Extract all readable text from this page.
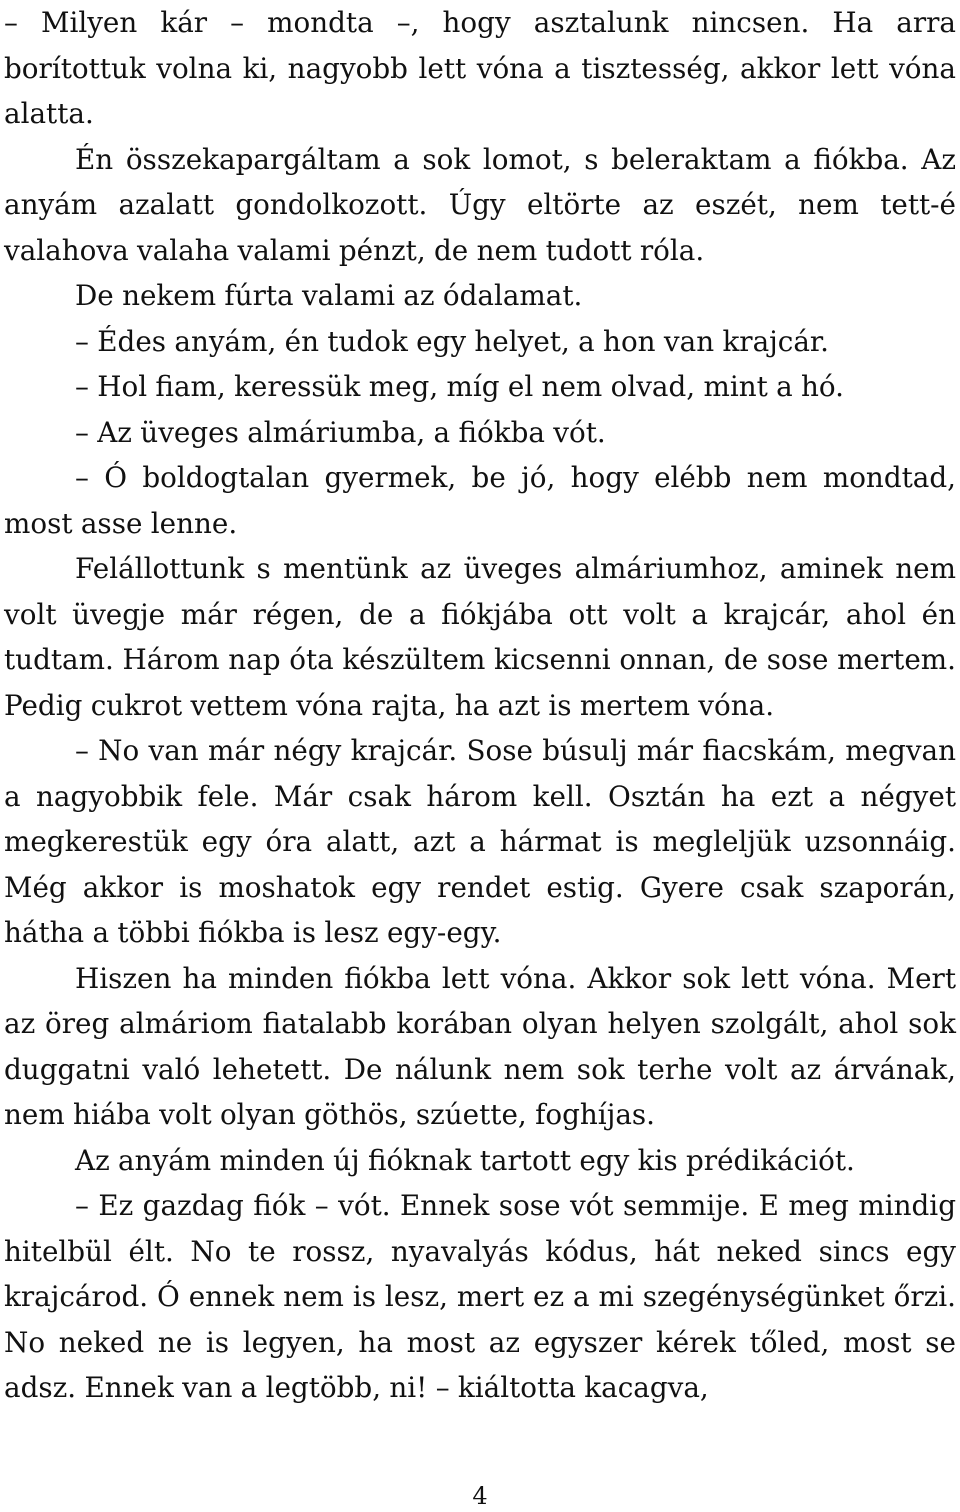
– Milyen kár – mondta –, hogy asztalunk nincsen. Ha arra borítottuk volna ki, nagyobb lett vóna a tisztesség, akkor lett vóna alatta.

Én összekapargáltam a sok lomot, s beleraktam a fiókba. Az anyám azalatt gondolkozott. Úgy eltörte az eszét, nem tett-é valahova valaha valami pénzt, de nem tudott róla.

De nekem fúrta valami az ódalamat.

– Édes anyám, én tudok egy helyet, a hon van krajcár.

– Hol fiam, keressük meg, míg el nem olvad, mint a hó.

– Az üveges almáriumba, a fiókba vót.

– Ó boldogtalan gyermek, be jó, hogy elébb nem mondtad, most asse lenne.

Felállottunk s mentünk az üveges almáriumhoz, aminek nem volt üvegje már régen, de a fiókjába ott volt a krajcár, ahol én tudtam. Három nap óta készültem kicsenni onnan, de sose mertem. Pedig cukrot vettem vóna rajta, ha azt is mertem vóna.

– No van már négy krajcár. Sose búsulj már fiacskám, megvan a nagyobbik fele. Már csak három kell. Osztán ha ezt a négyet megkerestük egy óra alatt, azt a hármat is megleljük uzsonnáig. Még akkor is moshatok egy rendet estig. Gyere csak szaporán, hátha a többi fiókba is lesz egy-egy.

Hiszen ha minden fiókba lett vóna. Akkor sok lett vóna. Mert az öreg almáriom fiatalabb korában olyan helyen szolgált, ahol sok duggatni való lehetett. De nálunk nem sok terhe volt az árvának, nem hiába volt olyan göthös, szúette, foghíjas.

Az anyám minden új fióknak tartott egy kis prédikációt.

– Ez gazdag fiók – vót. Ennek sose vót semmije. E meg mindig hitelbül élt. No te rossz, nyavalyás kódus, hát neked sincs egy krajcárod. Ó ennek nem is lesz, mert ez a mi szegénységünket őrzi. No neked ne is legyen, ha most az egyszer kérek tőled, most se adsz. Ennek van a legtöbb, ni! – kiáltotta kacagva,

4
